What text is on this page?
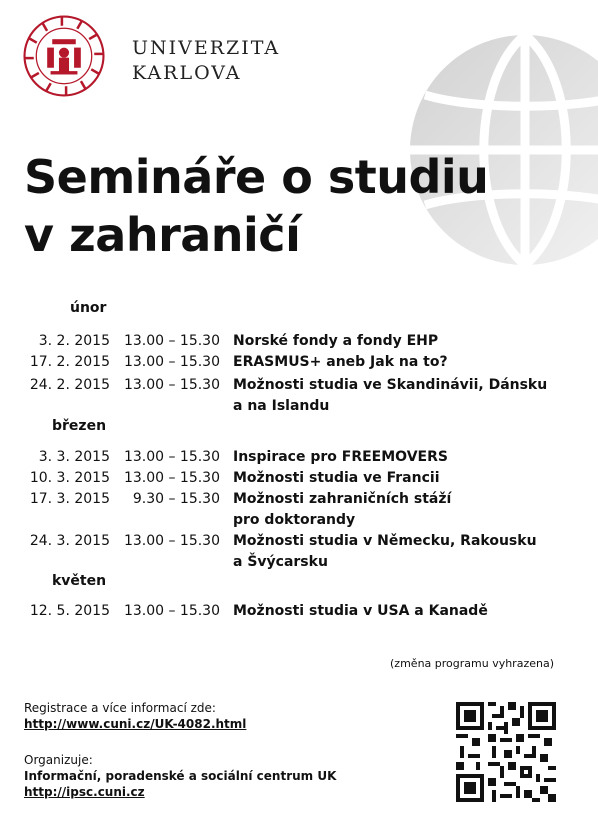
UNIVERZITA
KARLOVA
Semináře o studiu
v zahraničí
únor
3. 2. 2015 13.00 – 15.30 Norské fondy a fondy EHP
17. 2. 2015 13.00 – 15.30 ERASMUS+ aneb Jak na to?
24. 2. 2015 13.00 – 15.30 Možnosti studia ve Skandinávii, Dánsku
a na Islandu
březen
3. 3. 2015 13.00 – 15.30 Inspirace pro FREEMOVERS
10. 3. 2015 13.00 – 15.30 Možnosti studia ve Francii
17. 3. 2015	9.30 – 15.30 Možnosti zahraničních stáží
pro doktorandy
24. 3. 2015 13.00 – 15.30 Možnosti studia v Německu, Rakousku
a Švýcarsku
květen
12. 5. 2015 13.00 – 15.30 Možnosti studia v USA a Kanadě
(změna programu vyhrazena)
Registrace a více informací zde:
http://www.cuni.cz/UK-4082.html
Organizuje:
Informační, poradenské a sociální centrum UK
http://ipsc.cuni.cz
